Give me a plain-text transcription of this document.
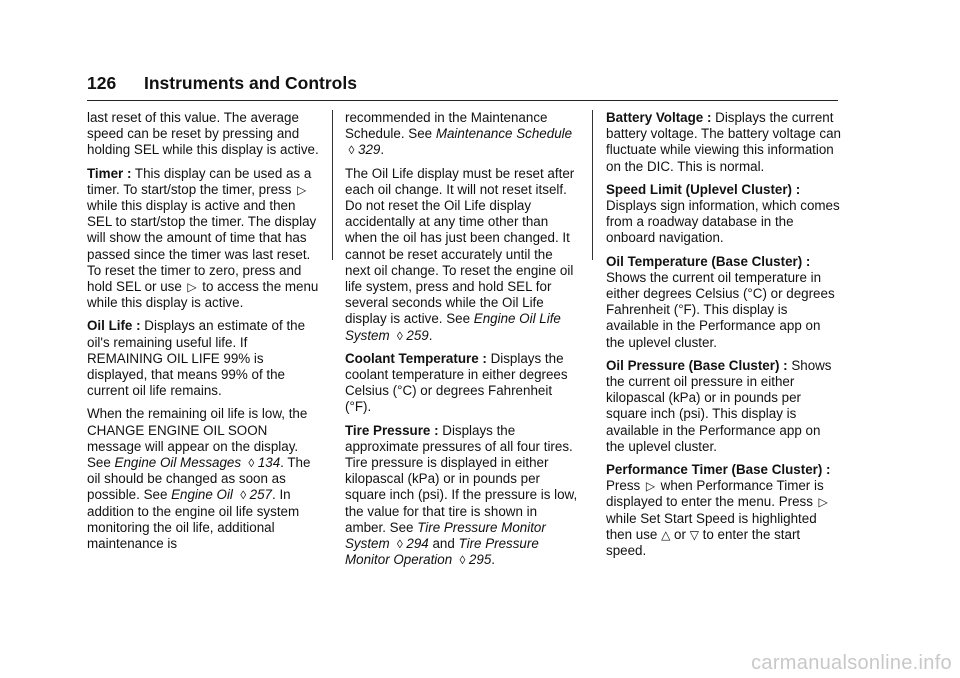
126 Instruments and Controls

last reset of this value. The average speed can be reset by pressing and holding SEL while this display is active.

Timer : This display can be used as a timer. To start/stop the timer, press ▷ while this display is active and then SEL to start/stop the timer. The display will show the amount of time that has passed since the timer was last reset. To reset the timer to zero, press and hold SEL or use ▷ to access the menu while this display is active.

Oil Life : Displays an estimate of the oil's remaining useful life. If REMAINING OIL LIFE 99% is displayed, that means 99% of the current oil life remains.

When the remaining oil life is low, the CHANGE ENGINE OIL SOON message will appear on the display. See Engine Oil Messages ◊ 134. The oil should be changed as soon as possible. See Engine Oil ◊ 257. In addition to the engine oil life system monitoring the oil life, additional maintenance is

recommended in the Maintenance Schedule. See Maintenance Schedule ◊ 329.

The Oil Life display must be reset after each oil change. It will not reset itself. Do not reset the Oil Life display accidentally at any time other than when the oil has just been changed. It cannot be reset accurately until the next oil change. To reset the engine oil life system, press and hold SEL for several seconds while the Oil Life display is active. See Engine Oil Life System ◊ 259.

Coolant Temperature : Displays the coolant temperature in either degrees Celsius (°C) or degrees Fahrenheit (°F).

Tire Pressure : Displays the approximate pressures of all four tires. Tire pressure is displayed in either kilopascal (kPa) or in pounds per square inch (psi). If the pressure is low, the value for that tire is shown in amber. See Tire Pressure Monitor System ◊ 294 and Tire Pressure Monitor Operation ◊ 295.

Battery Voltage : Displays the current battery voltage. The battery voltage can fluctuate while viewing this information on the DIC. This is normal.

Speed Limit (Uplevel Cluster) : Displays sign information, which comes from a roadway database in the onboard navigation.

Oil Temperature (Base Cluster) : Shows the current oil temperature in either degrees Celsius (°C) or degrees Fahrenheit (°F). This display is available in the Performance app on the uplevel cluster.

Oil Pressure (Base Cluster) : Shows the current oil pressure in either kilopascal (kPa) or in pounds per square inch (psi). This display is available in the Performance app on the uplevel cluster.

Performance Timer (Base Cluster) : Press ▷ when Performance Timer is displayed to enter the menu. Press ▷ while Set Start Speed is highlighted then use △ or ▽ to enter the start speed.

carmanualsonline.info
